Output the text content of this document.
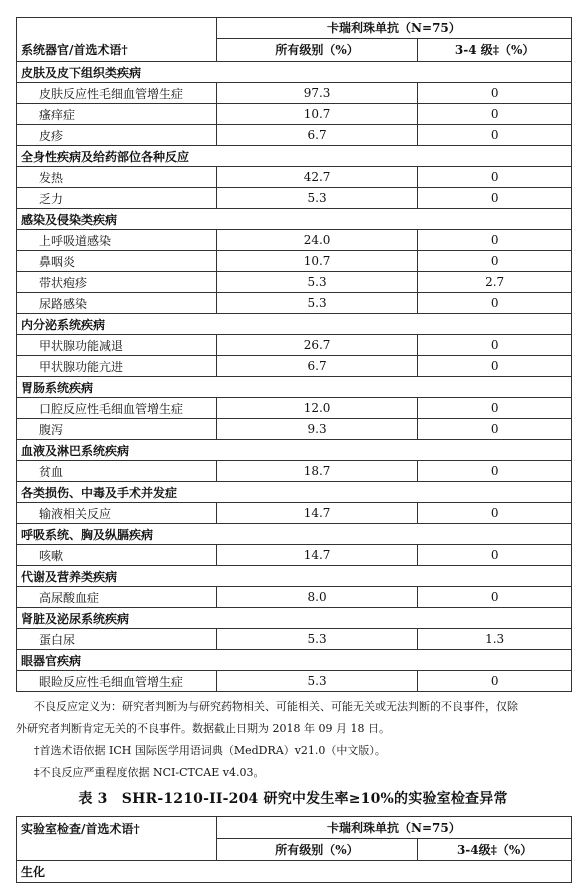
系统器官/首选术语†	卡瑞利珠单抗（N=75）	
	所有级别（%）	3-4 级‡（%）
皮肤及皮下组织类疾病		
皮肤反应性毛细血管增生症	97.3	0
瘙痒症	10.7	0
皮疹	6.7	0
全身性疾病及给药部位各种反应		
发热	42.7	0
乏力	5.3	0
感染及侵染类疾病		
上呼吸道感染	24.0	0
鼻咽炎	10.7	0
带状疱疹	5.3	2.7
尿路感染	5.3	0
内分泌系统疾病		
甲状腺功能减退	26.7	0
甲状腺功能亢进	6.7	0
胃肠系统疾病		
口腔反应性毛细血管增生症	12.0	0
腹泻	9.3	0
血液及淋巴系统疾病		
贫血	18.7	0
各类损伤、中毒及手术并发症		
输液相关反应	14.7	0
呼吸系统、胸及纵膈疾病		
咳嗽	14.7	0
代谢及营养类疾病		
高尿酸血症	8.0	0
肾脏及泌尿系统疾病		
蛋白尿	5.3	1.3
眼器官疾病		
眼睑反应性毛细血管增生症	5.3	0

不良反应定义为：研究者判断为与研究药物相关、可能相关、可能无关或无法判断的不良事件，仅除

外研究者判断肯定无关的不良事件。数据截止日期为 2018 年 09 月 18 日。

†首选术语依据 ICH 国际医学用语词典（MedDRA）v21.0（中文版）。

‡不良反应严重程度依据 NCI-CTCAE v4.03。

表 3　SHR-1210-II-204 研究中发生率≥10%的实验室检查异常
实验室检查/首选术语†	卡瑞利珠单抗（N=75）	
	所有级别（%）	3-4级‡（%）
生化		
